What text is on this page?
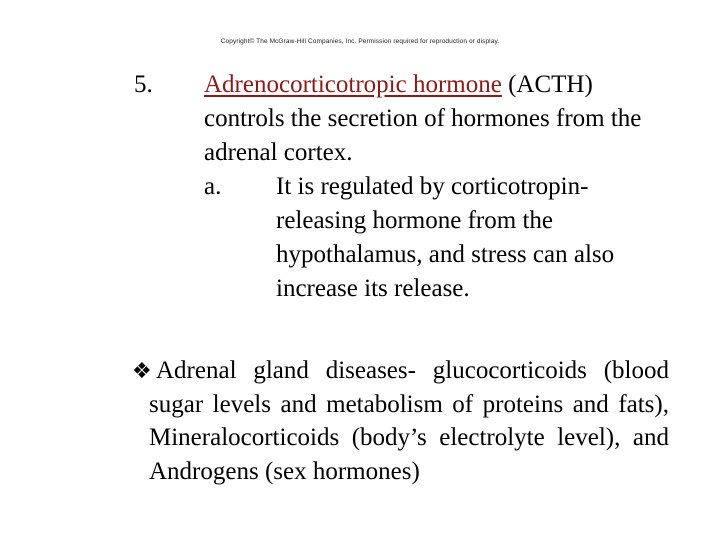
Copyright© The McGraw-Hill Companies, Inc. Permission required for reproduction or display.
5. Adrenocorticotropic hormone (ACTH) controls the secretion of hormones from the adrenal cortex.
a. It is regulated by corticotropin-releasing hormone from the hypothalamus, and stress can also increase its release.
❖ Adrenal gland diseases- glucocorticoids (blood sugar levels and metabolism of proteins and fats), Mineralocorticoids (body’s electrolyte level), and Androgens (sex hormones)
